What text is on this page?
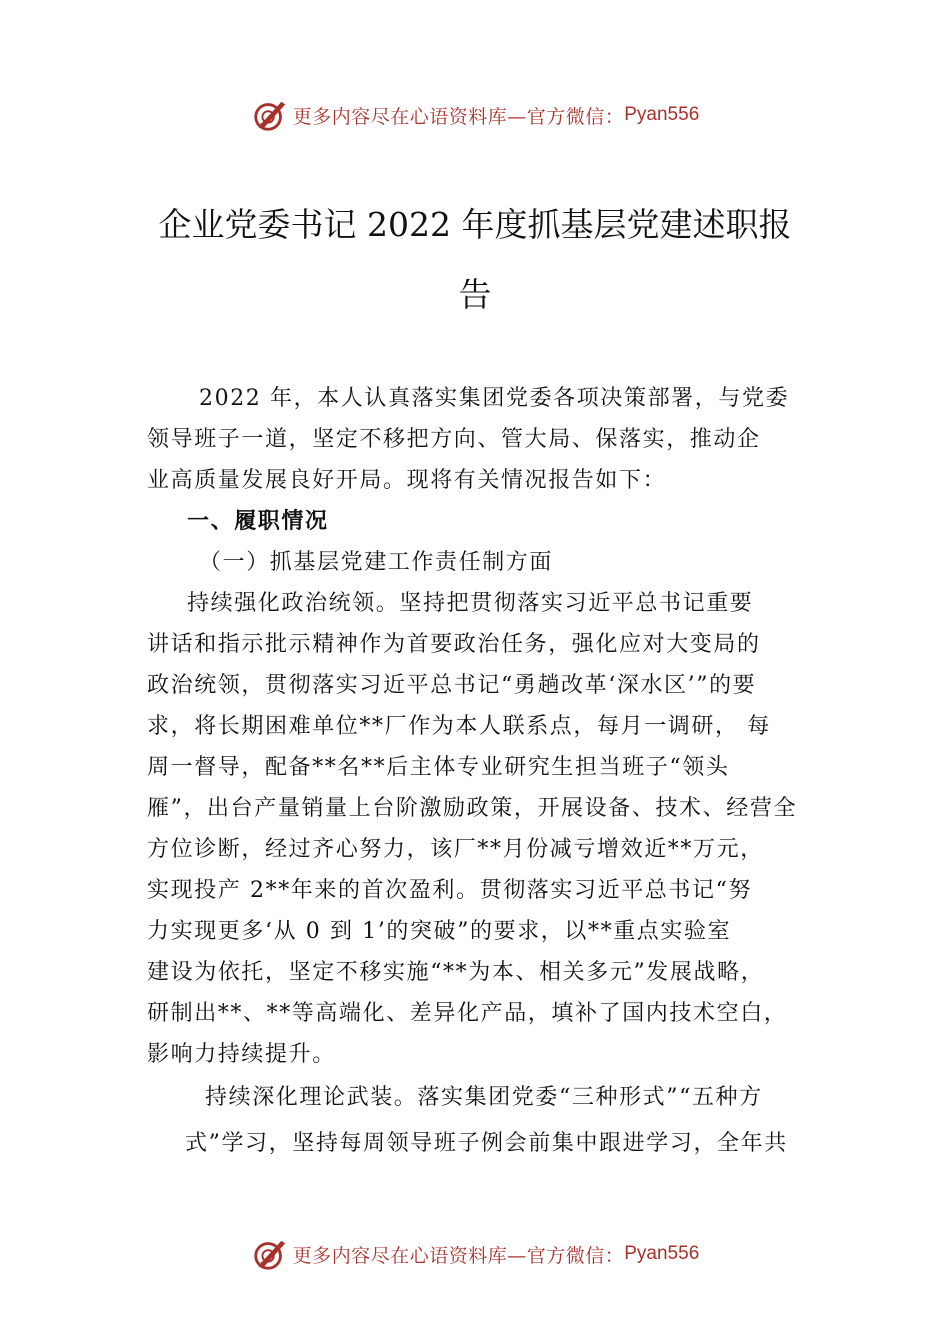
更多内容尽在心语资料库—官方微信： Pyan556
企业党委书记 2022 年度抓基层党建述职报
告
2022 年，本人认真落实集团党委各项决策部署，与党委
领导班子一道，坚定不移把方向、管大局、保落实，推动企
业高质量发展良好开局。现将有关情况报告如下：
一、履职情况
（一）抓基层党建工作责任制方面
持续强化政治统领。坚持把贯彻落实习近平总书记重要
讲话和指示批示精神作为首要政治任务，强化应对大变局的
政治统领，贯彻落实习近平总书记“勇趟改革‘深水区’”的要
求，将长期困难单位**厂作为本人联系点，每月一调研， 每
周一督导，配备**名**后主体专业研究生担当班子“领头
雁”，出台产量销量上台阶激励政策，开展设备、技术、经营全
方位诊断，经过齐心努力，该厂**月份减亏增效近**万元，
实现投产 2**年来的首次盈利。贯彻落实习近平总书记“努
力实现更多‘从 0 到 1’的突破”的要求，以**重点实验室
建设为依托，坚定不移实施“**为本、相关多元”发展战略，
研制出**、**等高端化、差异化产品，填补了国内技术空白，
影响力持续提升。
持续深化理论武装。落实集团党委“三种形式”“五种方
式”学习，坚持每周领导班子例会前集中跟进学习，全年共
更多内容尽在心语资料库—官方微信： Pyan556
